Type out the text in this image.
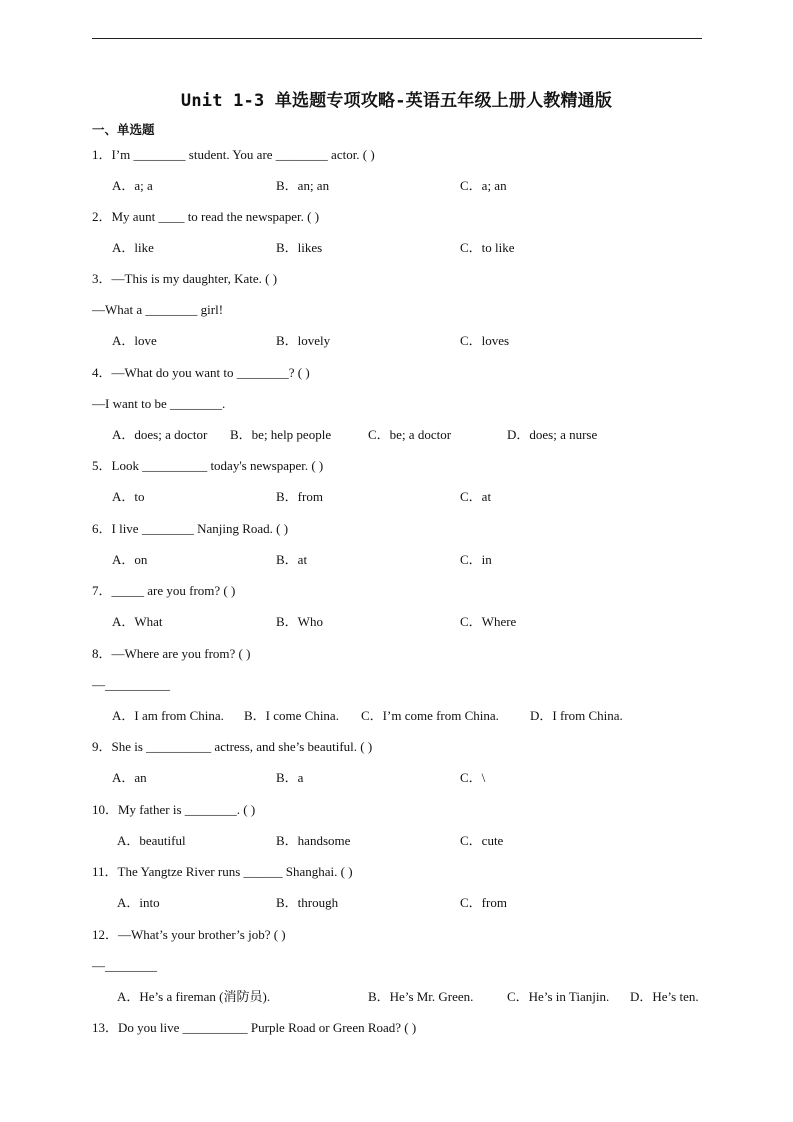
Unit 1-3 单选题专项攻略-英语五年级上册人教精通版
一、单选题
1．I’m ________ student. You are ________ actor. ( )
A．a; a	B．an; an	C．a; an
2．My aunt ____ to read the newspaper. ( )
A．like	B．likes	C．to like
3．—This is my daughter, Kate. ( )
—What a ________ girl!
A．love	B．lovely	C．loves
4．—What do you want to ________? ( )
—I want to be ________.
A．does; a doctor B．be; help people	C．be; a doctor	D．does; a nurse
5．Look __________ today's newspaper. ( )
A．to	B．from	C．at
6．I live ________ Nanjing Road. ( )
A．on	B．at	C．in
7．_____ are you from? ( )
A．What	B．Who	C．Where
8．—Where are you from? ( )
—__________
A．I am from China. B．I come China. C．I’m come from China. D．I from China.
9．She is __________ actress, and she’s beautiful. ( )
A．an	B．a	C．\
10．My father is ________. ( )
A．beautiful	B．handsome	C．cute
11．The Yangtze River runs ______ Shanghai. ( )
A．into	B．through	C．from
12．—What’s your brother’s job? ( )
—________
A．He’s a fireman (消防员).	B．He’s Mr. Green.	C．He’s in Tianjin. D．He’s ten.
13．Do you live __________ Purple Road or Green Road? ( )
